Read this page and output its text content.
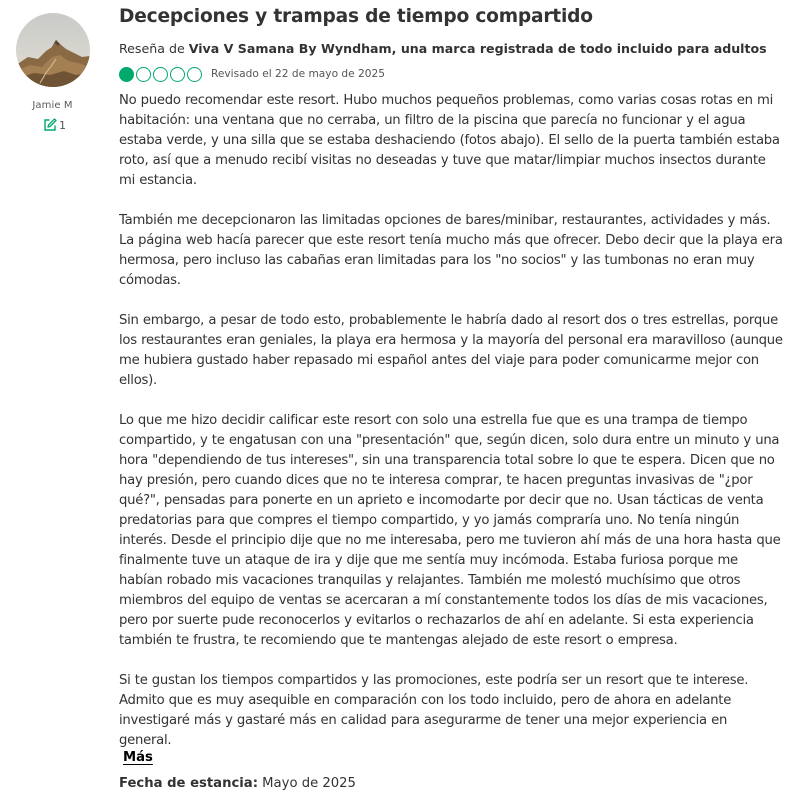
Jamie M
1
Decepciones y trampas de tiempo compartido
Reseña de Viva V Samana By Wyndham, una marca registrada de todo incluido para adultos
Revisado el 22 de mayo de 2025

No puedo recomendar este resort. Hubo muchos pequeños problemas, como varias cosas rotas en mi habitación: una ventana que no cerraba, un filtro de la piscina que parecía no funcionar y el agua estaba verde, y una silla que se estaba deshaciendo (fotos abajo). El sello de la puerta también estaba roto, así que a menudo recibí visitas no deseadas y tuve que matar/limpiar muchos insectos durante mi estancia.

También me decepcionaron las limitadas opciones de bares/minibar, restaurantes, actividades y más. La página web hacía parecer que este resort tenía mucho más que ofrecer. Debo decir que la playa era hermosa, pero incluso las cabañas eran limitadas para los "no socios" y las tumbonas no eran muy cómodas.

Sin embargo, a pesar de todo esto, probablemente le habría dado al resort dos o tres estrellas, porque los restaurantes eran geniales, la playa era hermosa y la mayoría del personal era maravilloso (aunque me hubiera gustado haber repasado mi español antes del viaje para poder comunicarme mejor con ellos).

Lo que me hizo decidir calificar este resort con solo una estrella fue que es una trampa de tiempo compartido, y te engatusan con una "presentación" que, según dicen, solo dura entre un minuto y una hora "dependiendo de tus intereses", sin una transparencia total sobre lo que te espera. Dicen que no hay presión, pero cuando dices que no te interesa comprar, te hacen preguntas invasivas de "¿por qué?", pensadas para ponerte en un aprieto e incomodarte por decir que no. Usan tácticas de venta predatorias para que compres el tiempo compartido, y yo jamás compraría uno. No tenía ningún interés. Desde el principio dije que no me interesaba, pero me tuvieron ahí más de una hora hasta que finalmente tuve un ataque de ira y dije que me sentía muy incómoda. Estaba furiosa porque me habían robado mis vacaciones tranquilas y relajantes. También me molestó muchísimo que otros miembros del equipo de ventas se acercaran a mí constantemente todos los días de mis vacaciones, pero por suerte pude reconocerlos y evitarlos o rechazarlos de ahí en adelante. Si esta experiencia también te frustra, te recomiendo que te mantengas alejado de este resort o empresa.

Si te gustan los tiempos compartidos y las promociones, este podría ser un resort que te interese. Admito que es muy asequible en comparación con los todo incluido, pero de ahora en adelante investigaré más y gastaré más en calidad para asegurarme de tener una mejor experiencia en general.

Más
Fecha de estancia: Mayo de 2025
